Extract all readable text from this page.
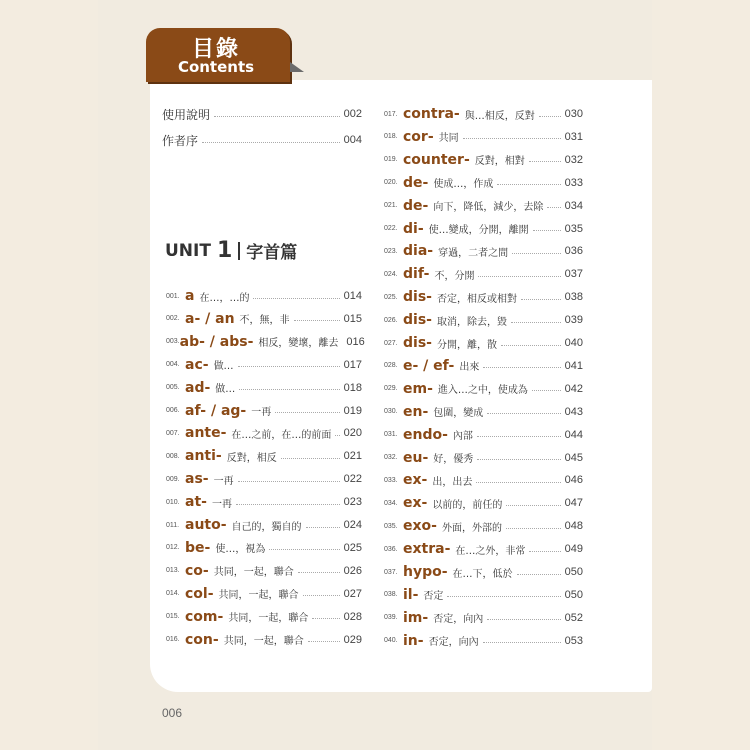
目錄
Contents
使用說明	002
作者序	004
UNIT 1 字首篇
001. a 在…，…的	014
002. a- / an 不，無，非	015
003. ab- / abs- 相反，變壞，離去 016
004. ac- 做…	017
005. ad- 做…	018
006. af- / ag- 一再	019
007. ante- 在…之前，在…的前面 020
008. anti- 反對，相反	021
009. as- 一再	022
010. at- 一再	023
011. auto- 自己的，獨自的	024
012. be- 使…，視為	025
013. co- 共同，一起，聯合	026
014. col- 共同，一起，聯合	027
015. com- 共同，一起，聯合	028
016. con- 共同，一起，聯合	029
017. contra- 與…相反，反對	030
018. cor- 共同	031
019. counter- 反對，相對	032
020. de- 使成…，作成	033
021. de- 向下，降低，減少，去除 034
022. di- 使…變成，分開，離開	035
023. dia- 穿過，二者之間	036
024. dif- 不，分開	037
025. dis- 否定，相反或相對	038
026. dis- 取消，除去，毀	039
027. dis- 分開，離，散	040
028. e- / ef- 出來	041
029. em- 進入…之中，使成為	042
030. en- 包圍，變成	043
031. endo- 內部	044
032. eu- 好，優秀	045
033. ex- 出，出去	046
034. ex- 以前的，前任的	047
035. exo- 外面，外部的	048
036. extra- 在…之外，非常	049
037. hypo- 在…下，低於	050
038. il- 否定	050
039. im- 否定，向內	052
040. in- 否定，向內	053
006
